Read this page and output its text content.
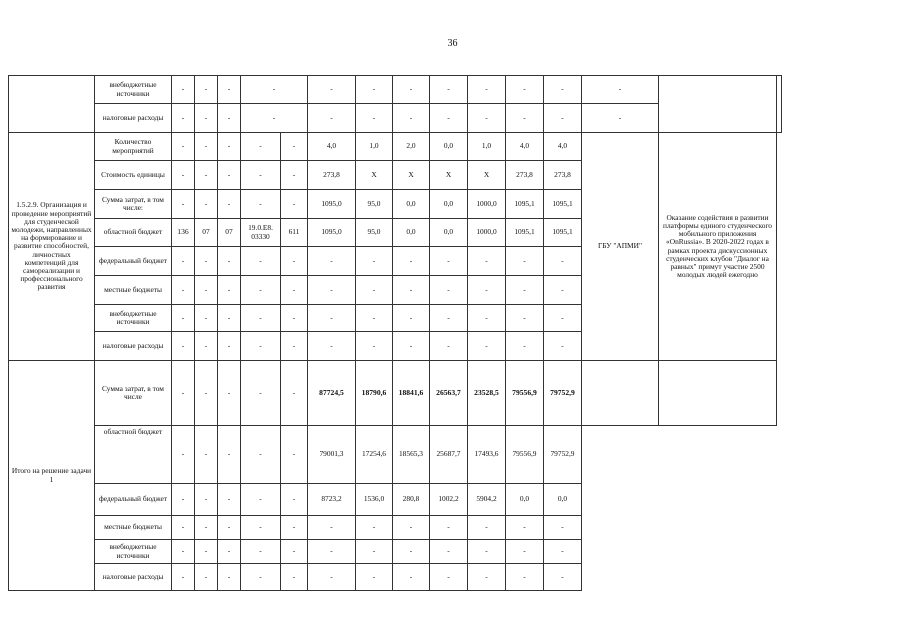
36
	внебюджетные источники	-	-	-	-		-	-	-	-	-	-	-	-		
	налоговые расходы	-	-	-	-		-	-	-	-	-	-	-	-		
1.5.2.9. Организация и проведение мероприятий для студенческой молодежи, направленных на формирование и развитие способностей, личностных компетенций для самореализации и профессионального развития	Количество мероприятий	-	-	-	-	-	4,0	1,0	2,0	0,0	1,0	4,0	4,0	ГБУ "АПМИ"	Оказание содействия в развитии платформы единого студенческого мобильного приложения «OnRussia». В 2020-2022 годах в рамках проекта дискуссионных студенческих клубов "Диалог на равных" примут участие 2500 молодых людей ежегодно	
	Стоимость единицы	-	-	-	-	-	273,8	Х	Х	Х	Х	273,8	273,8			
	Сумма затрат, в том числе:	-	-	-	-	-	1095,0	95,0	0,0	0,0	1000,0	1095,1	1095,1			
	областной бюджет	136	07	07	19.0.E8. 03330	611	1095,0	95,0	0,0	0,0	1000,0	1095,1	1095,1			
	федеральный бюджет	-	-	-	-	-	-	-	-	-	-	-	-			
	местные бюджеты	-	-	-	-	-	-	-	-	-	-	-	-			
	внебюджетные источники	-	-	-	-	-	-	-	-	-	-	-	-			
	налоговые расходы	-	-	-	-	-	-	-	-	-	-	-	-			
Итого на решение задачи 1	Сумма затрат, в том числе	-	-	-	-	-	87724,5	18790,6	18841,6	26563,7	23528,5	79556,9	79752,9			
	областной бюджет	-	-	-	-	-	79001,3	17254,6	18565,3	25687,7	17493,6	79556,9	79752,9			
	федеральный бюджет	-	-	-	-	-	8723,2	1536,0	280,8	1002,2	5904,2	0,0	0,0			
	местные бюджеты	-	-	-	-	-	-	-	-	-	-	-	-			
	внебюджетные источники	-	-	-	-	-	-	-	-	-	-	-	-			
	налоговые расходы	-	-	-	-	-	-	-	-	-	-	-	-			
